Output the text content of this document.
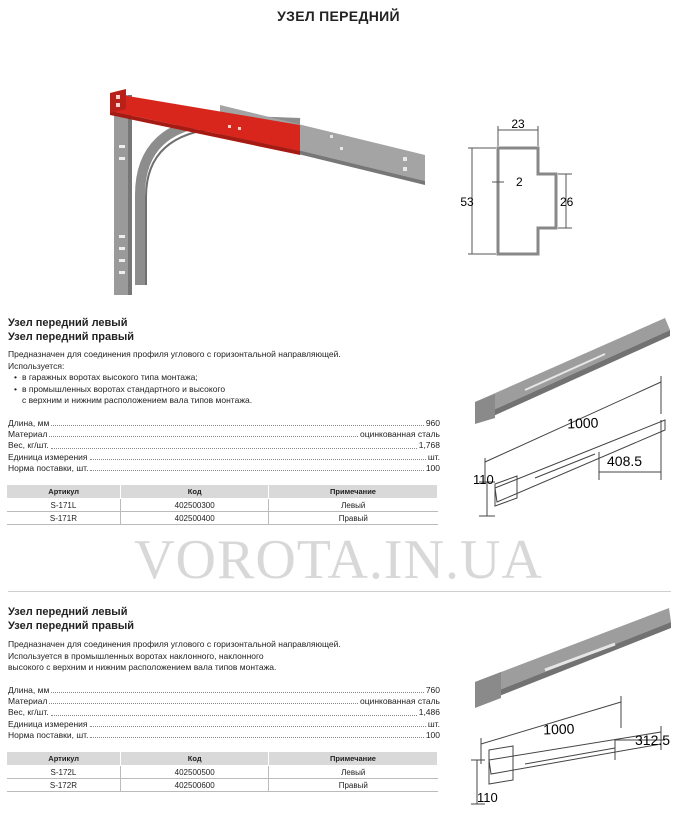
УЗЕЛ ПЕРЕДНИЙ
23
53
2
26
Узел передний левый
Узел передний правый
Предназначен для соединения профиля углового с горизонтальной направляющей.
Используется:
• в гаражных воротах высокого типа монтажа;
• в промышленных воротах стандартного и высокого
с верхним и нижним расположением вала типов монтажа.
Длина, мм	960
Материал	оцинкованная сталь
Вес, кг/шт.	1,768
Единица измерения	шт.
Норма поставки, шт.	100
Артикул	Код	Примечание
S-171L	402500300	Левый
S-171R	402500400	Правый
1000
408.5
110
VOROTA.IN.UA
Узел передний левый
Узел передний правый
Предназначен для соединения профиля углового с горизонтальной направляющей.
Используется в промышленных воротах наклонного, наклонного
высокого с верхним и нижним расположением вала типов монтажа.
Длина, мм	760
Материал	оцинкованная сталь
Вес, кг/шт.	1,486
Единица измерения	шт.
Норма поставки, шт.	100
Артикул	Код	Примечание
S-172L	402500500	Левый
S-172R	402500600	Правый
1000
312.5
110
